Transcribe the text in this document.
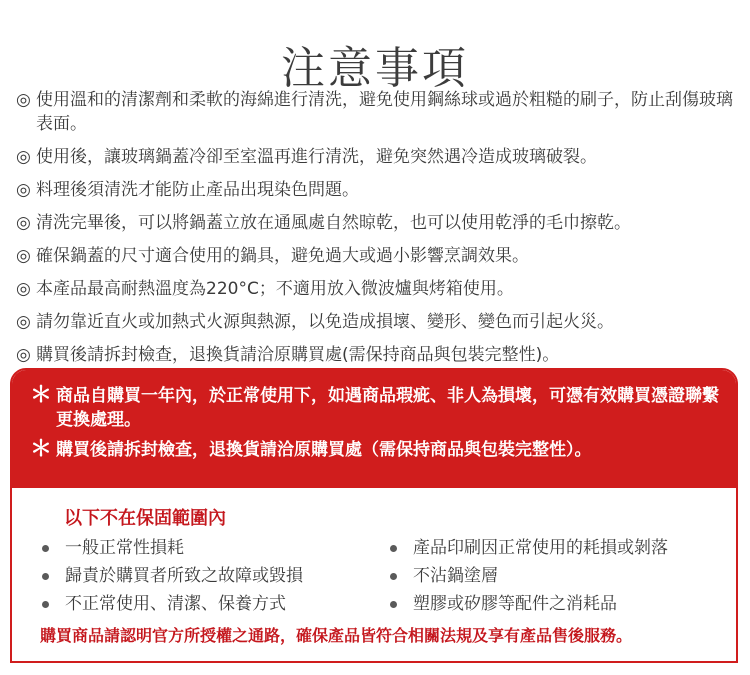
注意事項
◎ 使用溫和的清潔劑和柔軟的海綿進行清洗，避免使用鋼絲球或過於粗糙的刷子，防止刮傷玻璃表面。
◎ 使用後，讓玻璃鍋蓋冷卻至室溫再進行清洗，避免突然遇冷造成玻璃破裂。
◎ 料理後須清洗才能防止產品出現染色問題。
◎ 清洗完畢後，可以將鍋蓋立放在通風處自然晾乾，也可以使用乾淨的毛巾擦乾。
◎ 確保鍋蓋的尺寸適合使用的鍋具，避免過大或過小影響烹調效果。
◎ 本產品最高耐熱溫度為220°C；不適用放入微波爐與烤箱使用。
◎ 請勿靠近直火或加熱式火源與熱源，以免造成損壞、變形、變色而引起火災。
◎ 購買後請拆封檢查，退換貨請洽原購買處(需保持商品與包裝完整性)。
＊ 商品自購買一年內，於正常使用下，如遇商品瑕疵、非人為損壞，可憑有效購買憑證聯繫更換處理。
＊ 購買後請拆封檢查，退換貨請洽原購買處（需保持商品與包裝完整性）。
以下不在保固範圍內
一般正常性損耗
歸責於購買者所致之故障或毀損
不正常使用、清潔、保養方式
產品印刷因正常使用的耗損或剝落
不沾鍋塗層
塑膠或矽膠等配件之消耗品
購買商品請認明官方所授權之通路，確保產品皆符合相關法規及享有產品售後服務。
